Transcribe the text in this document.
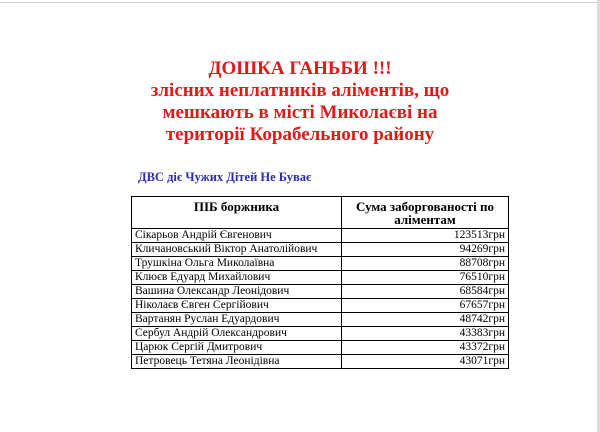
ДОШКА ГАНЬБИ !!!
злісних неплатників аліментів, що
мешкають в місті Миколаєві на
території Корабельного району
ДВС діє Чужих Дітей Не Буває
ПІБ боржника	Сума заборгованості по аліментам
Сікарьов Андрій Євгенович	123513грн
Кличановський Віктор Анатолійович	94269грн
Трушкіна Ольга Миколаївна	88708грн
Клюєв Едуард Михайлович	76510грн
Вашина Олександр Леонідович	68584грн
Ніколаєв Євген Сергійович	67657грн
Вартанян Руслан Едуардович	48742грн
Сербул Андрій Олександрович	43383грн
Царюк Сергій Дмитрович	43372грн
Петровець Тетяна Леонідівна	43071грн
